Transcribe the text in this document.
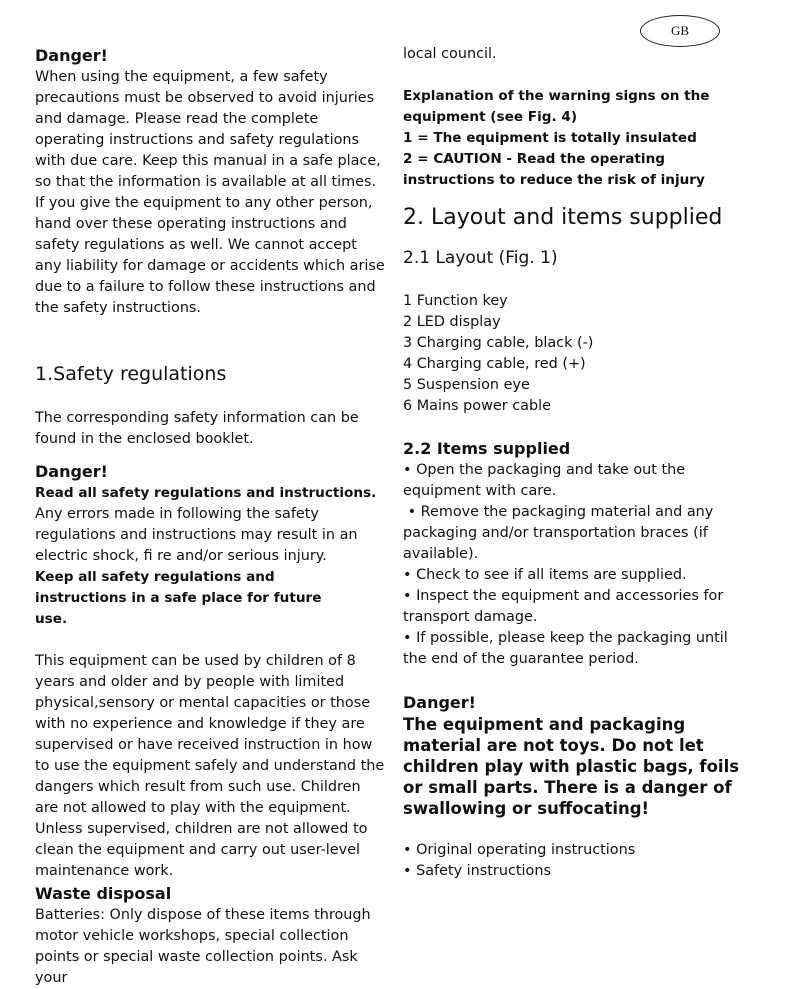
GB
Danger!

When using the equipment, a few safety precautions must be observed to avoid injuries and damage. Please read the complete operating instructions and safety regulations with due care. Keep this manual in a safe place, so that the information is available at all times. If you give the equipment to any other person, hand over these operating instructions and safety regulations as well. We cannot accept any liability for damage or accidents which arise due to a failure to follow these instructions and the safety instructions.

1.Safety regulations

The corresponding safety information can be found in the enclosed booklet.

Danger!

Read all safety regulations and instructions.

Any errors made in following the safety regulations and instructions may result in an electric shock, fi re and/or serious injury.

Keep all safety regulations and instructions in a safe place for future use.

This equipment can be used by children of 8 years and older and by people with limited physical,sensory or mental capacities or those with no experience and knowledge if they are supervised or have received instruction in how to use the equipment safely and understand the dangers which result from such use. Children are not allowed to play with the equipment. Unless supervised, children are not allowed to clean the equipment and carry out user-level maintenance work.

Waste disposal

Batteries: Only dispose of these items through motor vehicle workshops, special collection points or special waste collection points. Ask your

local council.

Explanation of the warning signs on the equipment (see Fig. 4)

1 = The equipment is totally insulated

2 = CAUTION - Read the operating instructions to reduce the risk of injury

2. Layout and items supplied
2.1 Layout (Fig. 1)
1 Function key
2 LED display
3 Charging cable, black (-)
4 Charging cable, red (+)
5 Suspension eye
6 Mains power cable
2.2 Items supplied
• Open the packaging and take out the equipment with care.
• Remove the packaging material and any packaging and/or transportation braces (if available).
• Check to see if all items are supplied.
• Inspect the equipment and accessories for transport damage.
• If possible, please keep the packaging until the end of the guarantee period.
Danger!

The equipment and packaging material are not toys. Do not let children play with plastic bags, foils or small parts. There is a danger of swallowing or suffocating!

• Original operating instructions
• Safety instructions
